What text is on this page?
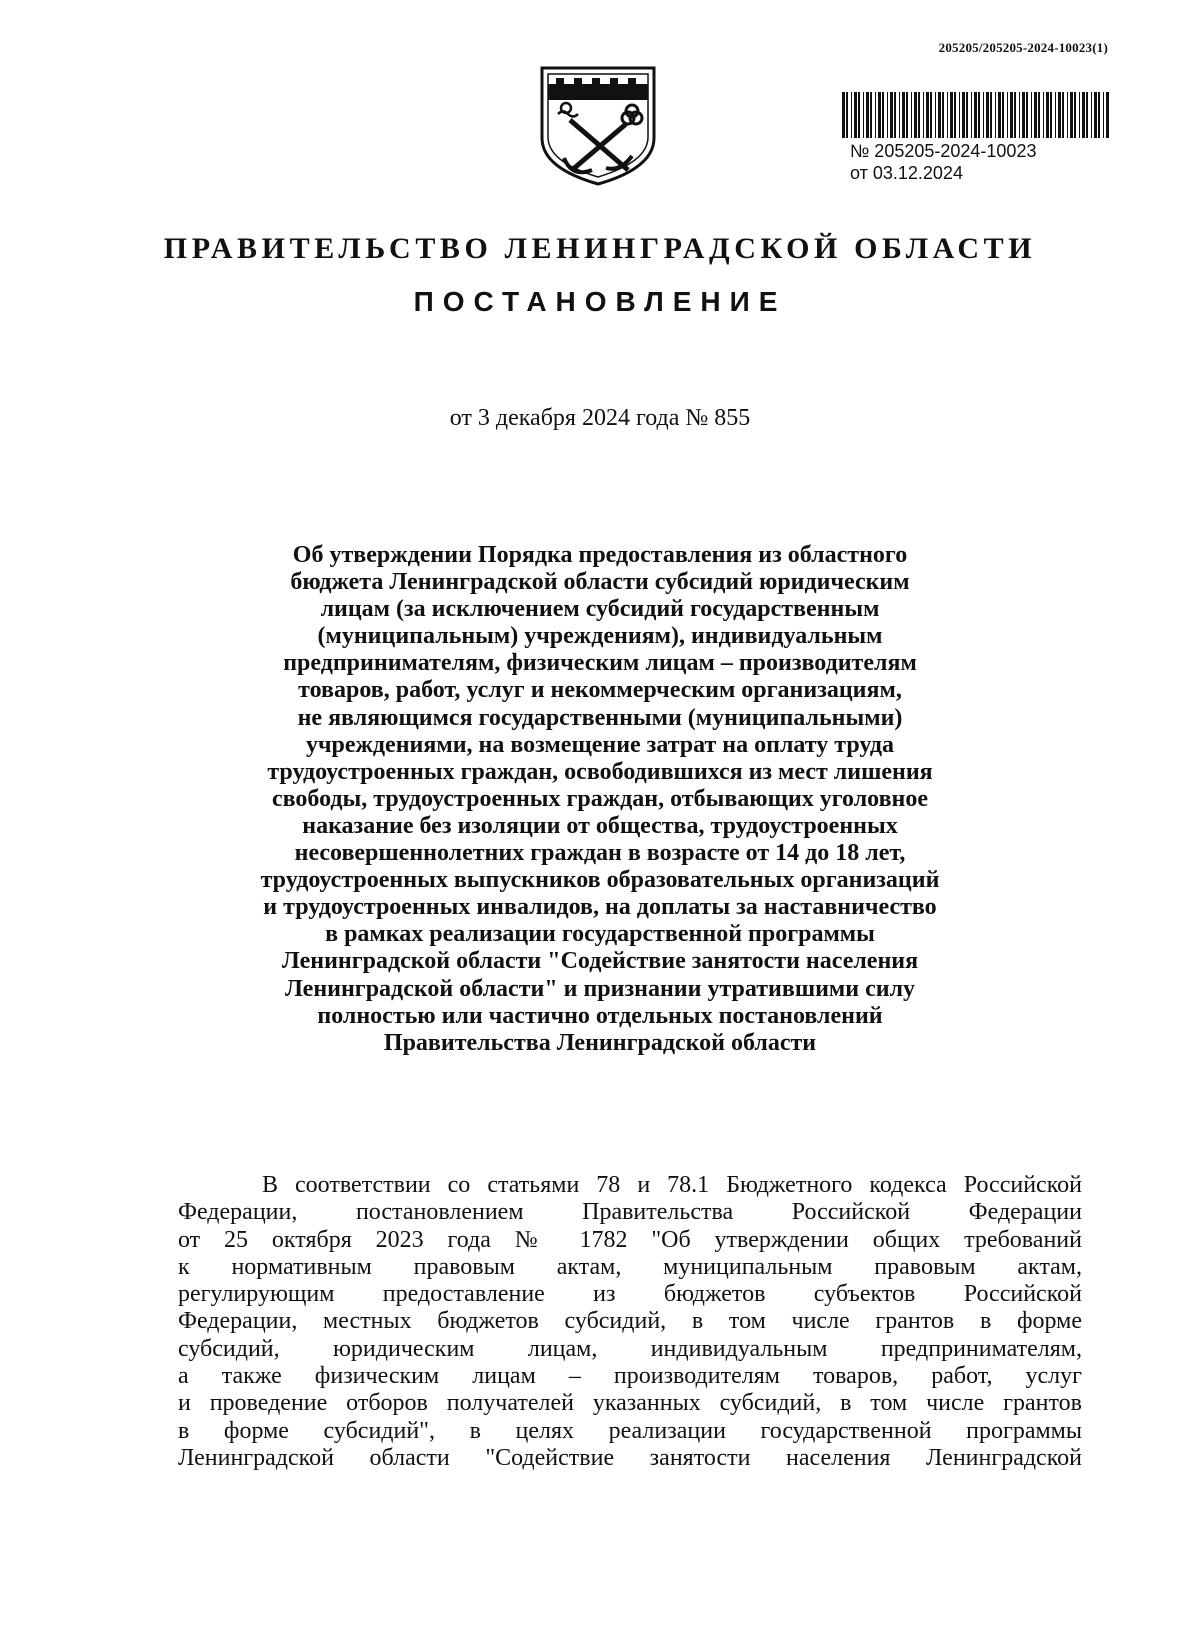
205205/205205-2024-10023(1)
№ 205205-2024-10023
от 03.12.2024
ПРАВИТЕЛЬСТВО ЛЕНИНГРАДСКОЙ ОБЛАСТИ
ПОСТАНОВЛЕНИЕ
от 3 декабря 2024 года № 855
Об утверждении Порядка предоставления из областного
бюджета Ленинградской области субсидий юридическим
лицам (за исключением субсидий государственным
(муниципальным) учреждениям), индивидуальным
предпринимателям, физическим лицам – производителям
товаров, работ, услуг и некоммерческим организациям,
не являющимся государственными (муниципальными)
учреждениями, на возмещение затрат на оплату труда
трудоустроенных граждан, освободившихся из мест лишения
свободы, трудоустроенных граждан, отбывающих уголовное
наказание без изоляции от общества, трудоустроенных
несовершеннолетних граждан в возрасте от 14 до 18 лет,
трудоустроенных выпускников образовательных организаций
и трудоустроенных инвалидов, на доплаты за наставничество
в рамках реализации государственной программы
Ленинградской области "Содействие занятости населения
Ленинградской области" и признании утратившими силу
полностью или частично отдельных постановлений
Правительства Ленинградской области
В соответствии со статьями 78 и 78.1 Бюджетного кодекса Российской
Федерации, постановлением Правительства Российской Федерации
от 25 октября 2023 года № 1782 "Об утверждении общих требований
к нормативным правовым актам, муниципальным правовым актам,
регулирующим предоставление из бюджетов субъектов Российской
Федерации, местных бюджетов субсидий, в том числе грантов в форме
субсидий, юридическим лицам, индивидуальным предпринимателям,
а также физическим лицам – производителям товаров, работ, услуг
и проведение отборов получателей указанных субсидий, в том числе грантов
в форме субсидий", в целях реализации государственной программы
Ленинградской области "Содействие занятости населения Ленинградской
